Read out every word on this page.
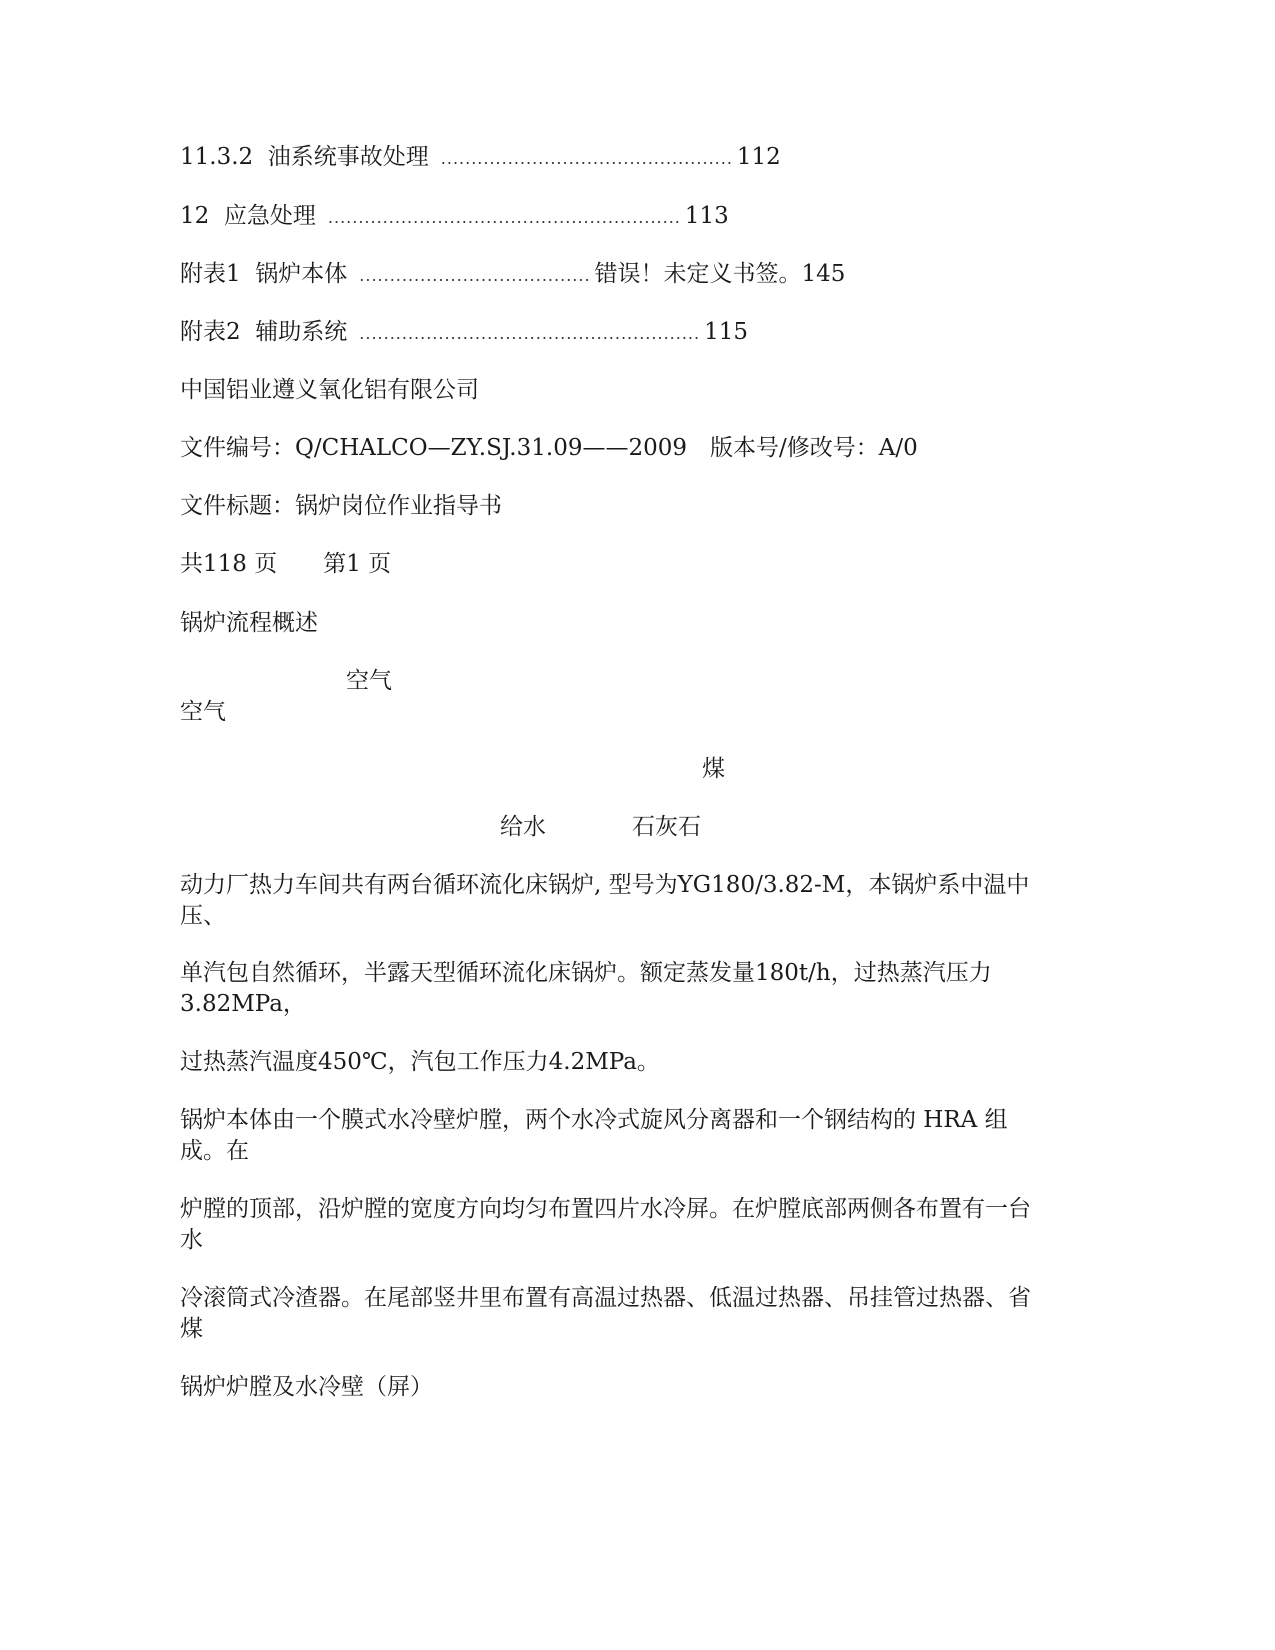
11.3.2
油系统事故处理 ................................................ 112
12
应急处理 .......................................................... 113
附表1
锅炉本体 ...................................... 错误！未定义书签。145
附表2
辅助系统 ........................................................ 115
中国铝业遵义氧化铝有限公司
文件编号：Q/CHALCO—ZY.SJ.31.09——2009　版本号/修改号：A/0
文件标题：锅炉岗位作业指导书
共118 页　　第1 页
锅炉流程概述
空气
空气
煤
给水	石灰石
动力厂热力车间共有两台循环流化床锅炉, 型号为YG180/3.82-M，本锅炉系中温中压、
单汽包自然循环，半露天型循环流化床锅炉。额定蒸发量180t/h，过热蒸汽压力3.82MPa，
过热蒸汽温度450℃，汽包工作压力4.2MPa。
锅炉本体由一个膜式水冷壁炉膛，两个水冷式旋风分离器和一个钢结构的 HRA 组成。在
炉膛的顶部，沿炉膛的宽度方向均匀布置四片水冷屏。在炉膛底部两侧各布置有一台水
冷滚筒式冷渣器。在尾部竖井里布置有高温过热器、低温过热器、吊挂管过热器、省煤
锅炉炉膛及水冷壁（屏）
